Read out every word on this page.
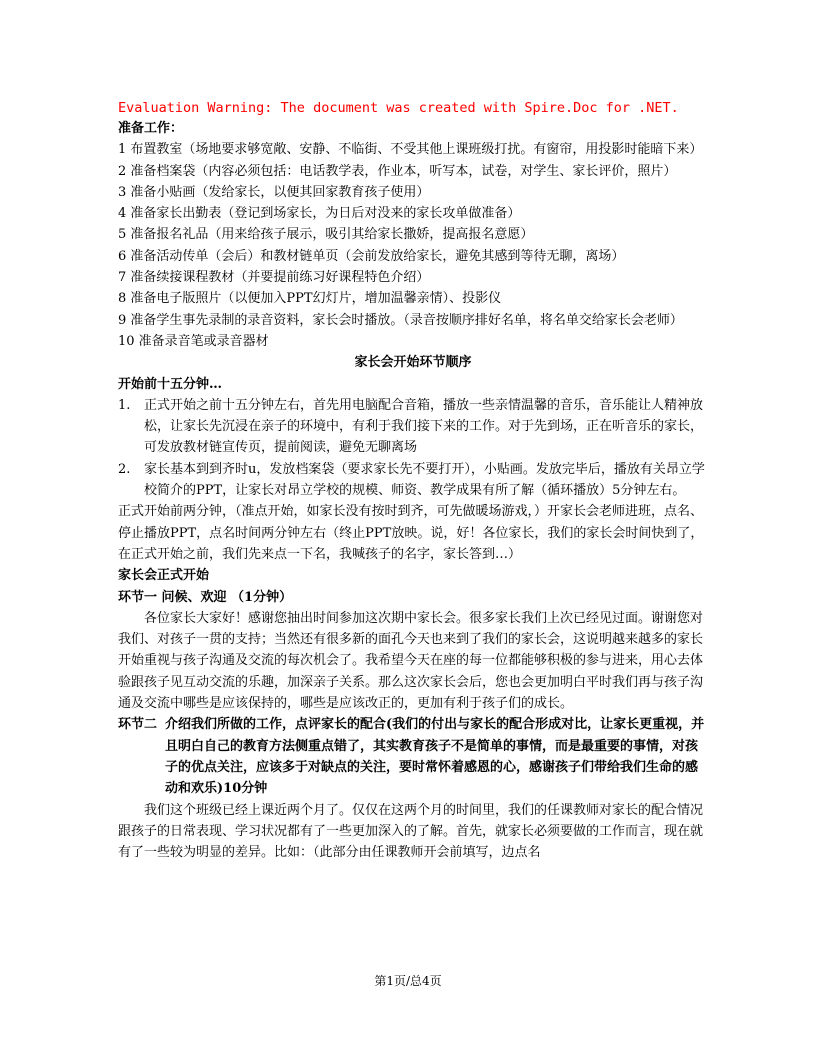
Evaluation Warning: The document was created with Spire.Doc for .NET.
准备工作：
1 布置教室（场地要求够宽敞、安静、不临街、不受其他上课班级打扰。有窗帘，用投影时能暗下来）
2 准备档案袋（内容必须包括：电话教学表，作业本，听写本，试卷，对学生、家长评价，照片）
3 准备小贴画（发给家长，以便其回家教育孩子使用）
4 准备家长出勤表（登记到场家长，为日后对没来的家长攻单做准备）
5 准备报名礼品（用来给孩子展示，吸引其给家长撒娇，提高报名意愿）
6 准备活动传单（会后）和教材链单页（会前发放给家长，避免其感到等待无聊，离场）
7 准备续接课程教材（并要提前练习好课程特色介绍）
8 准备电子版照片（以便加入PPT幻灯片，增加温馨亲情）、投影仪
9 准备学生事先录制的录音资料，家长会时播放。（录音按顺序排好名单，将名单交给家长会老师）
10 准备录音笔或录音器材
家长会开始环节顺序
开始前十五分钟…
1. 正式开始之前十五分钟左右，首先用电脑配合音箱，播放一些亲情温馨的音乐，音乐能让人精神放松，让家长先沉浸在亲子的环境中，有利于我们接下来的工作。对于先到场，正在听音乐的家长，可发放教材链宣传页，提前阅读，避免无聊离场
2. 家长基本到到齐时u，发放档案袋（要求家长先不要打开），小贴画。发放完毕后，播放有关昂立学校简介的PPT，让家长对昂立学校的规模、师资、教学成果有所了解（循环播放）5分钟左右。
正式开始前两分钟，（准点开始，如家长没有按时到齐，可先做暖场游戏，）开家长会老师进班，点名、停止播放PPT，点名时间两分钟左右（终止PPT放映。说，好！各位家长，我们的家长会时间快到了，在正式开始之前，我们先来点一下名，我喊孩子的名字，家长答到…）
家长会正式开始
环节一 问候、欢迎 （1分钟）
各位家长大家好！感谢您抽出时间参加这次期中家长会。很多家长我们上次已经见过面。谢谢您对我们、对孩子一贯的支持；当然还有很多新的面孔今天也来到了我们的家长会，这说明越来越多的家长开始重视与孩子沟通及交流的每次机会了。我希望今天在座的每一位都能够积极的参与进来，用心去体验跟孩子见互动交流的乐趣，加深亲子关系。那么这次家长会后，您也会更加明白平时我们再与孩子沟通及交流中哪些是应该保持的，哪些是应该改正的，更加有利于孩子们的成长。
环节二 介绍我们所做的工作，点评家长的配合(我们的付出与家长的配合形成对比，让家长更重视，并且明白自己的教育方法侧重点错了，其实教育孩子不是简单的事情，而是最重要的事情，对孩子的优点关注，应该多于对缺点的关注，要时常怀着感恩的心，感谢孩子们带给我们生命的感动和欢乐)10分钟
我们这个班级已经上课近两个月了。仅仅在这两个月的时间里，我们的任课教师对家长的配合情况跟孩子的日常表现、学习状况都有了一些更加深入的了解。首先，就家长必须要做的工作而言，现在就有了一些较为明显的差异。比如：（此部分由任课教师开会前填写，边点名
第1页/总4页
